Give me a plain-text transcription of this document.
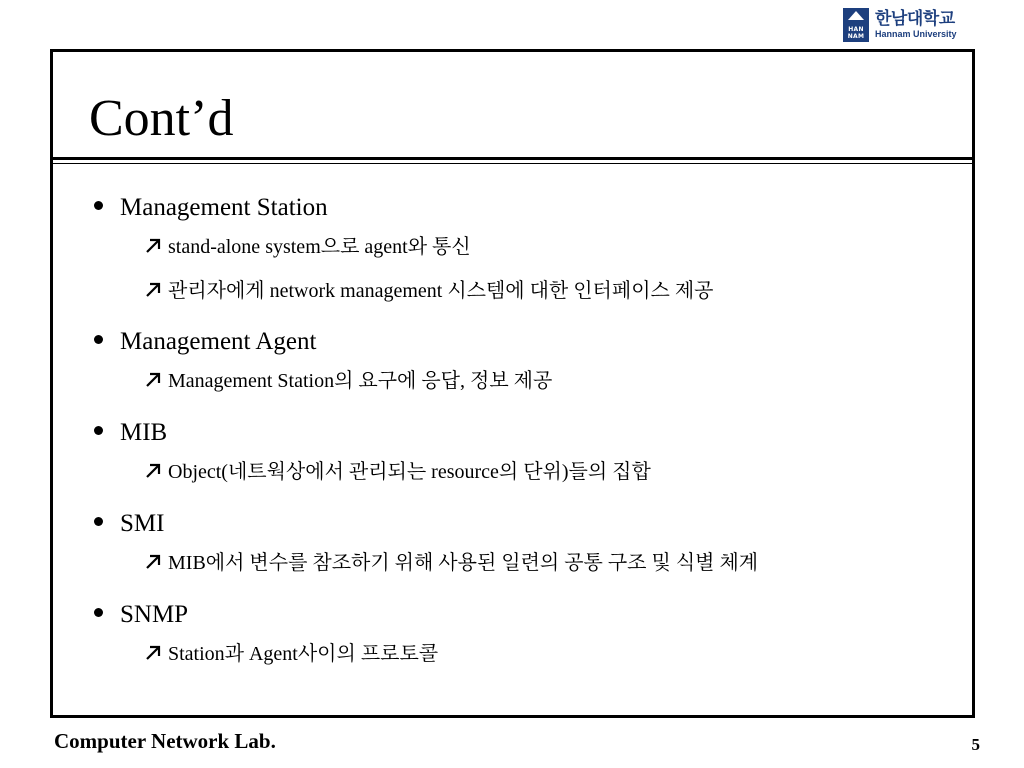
HAN NAM
한남대학교
Hannam University
Cont’d
Management Station
stand-alone system으로 agent와 통신
관리자에게 network management 시스템에 대한 인터페이스 제공
Management Agent
Management Station의 요구에 응답, 정보 제공
MIB
Object(네트웍상에서 관리되는 resource의 단위)들의 집합
SMI
MIB에서 변수를 참조하기 위해 사용된 일련의 공통 구조 및 식별 체계
SNMP
Station과 Agent사이의 프로토콜
Computer Network Lab.	5
